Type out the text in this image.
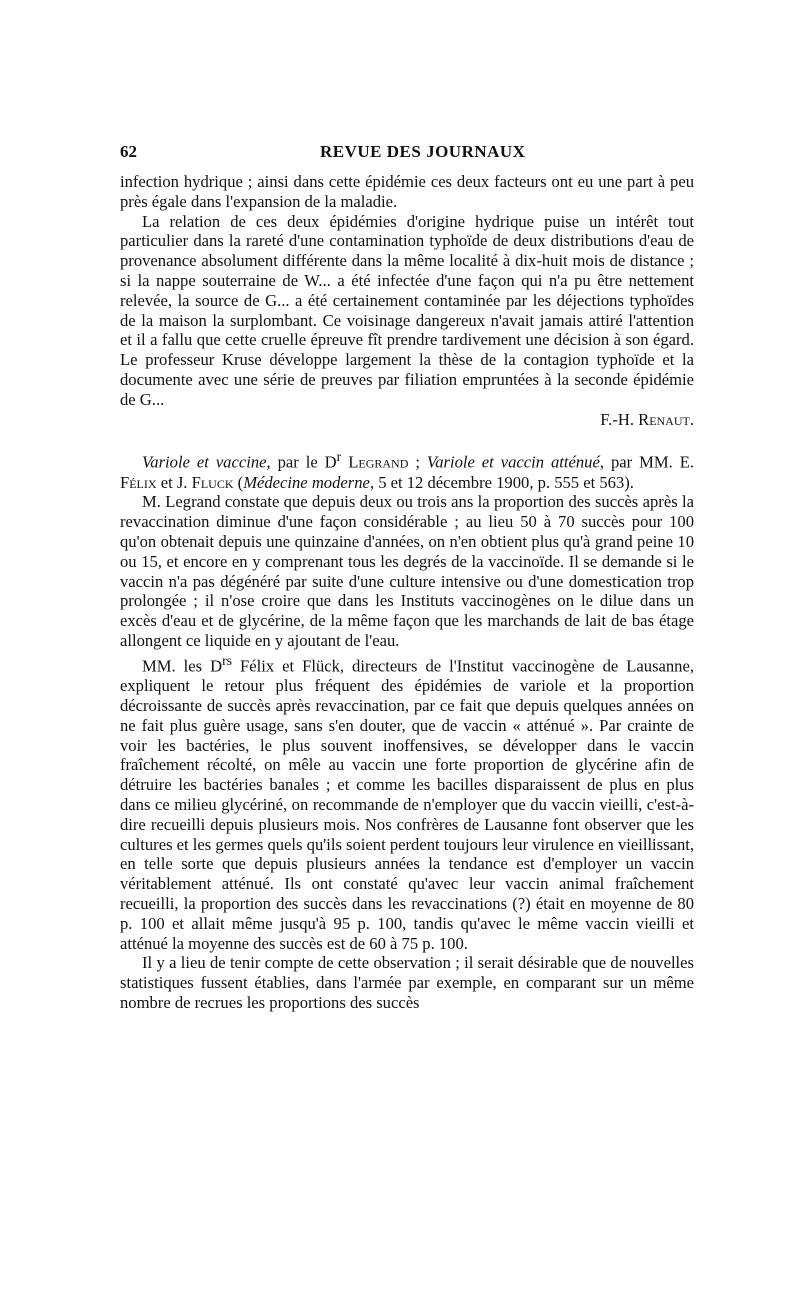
62	REVUE DES JOURNAUX

infection hydrique ; ainsi dans cette épidémie ces deux facteurs ont eu une part à peu près égale dans l'expansion de la maladie.

La relation de ces deux épidémies d'origine hydrique puise un intérêt tout particulier dans la rareté d'une contamination typhoïde de deux distributions d'eau de provenance absolument différente dans la même localité à dix-huit mois de distance ; si la nappe souterraine de W... a été infectée d'une façon qui n'a pu être nettement relevée, la source de G... a été certainement contaminée par les déjections typhoïdes de la maison la surplombant. Ce voisinage dangereux n'avait jamais attiré l'attention et il a fallu que cette cruelle épreuve fît prendre tardivement une décision à son égard. Le professeur Kruse développe largement la thèse de la contagion typhoïde et la documente avec une série de preuves par filiation empruntées à la seconde épidémie de G...

F.-H. Renaut.

Variole et vaccine, par le $D^r$ Legrand ; Variole et vaccin atténué, par MM. E. Félix et J. Fluck (Médecine moderne, 5 et 12 décembre 1900, p. 555 et 563).

M. Legrand constate que depuis deux ou trois ans la proportion des succès après la revaccination diminue d'une façon considérable ; au lieu 50 à 70 succès pour 100 qu'on obtenait depuis une quinzaine d'années, on n'en obtient plus qu'à grand peine 10 ou 15, et encore en y comprenant tous les degrés de la vaccinoïde. Il se demande si le vaccin n'a pas dégénéré par suite d'une culture intensive ou d'une domestication trop prolongée ; il n'ose croire que dans les Instituts vaccinogènes on le dilue dans un excès d'eau et de glycérine, de la même façon que les marchands de lait de bas étage allongent ce liquide en y ajoutant de l'eau.

MM. les $D^{rs}$ Félix et Flück, directeurs de l'Institut vaccinogène de Lausanne, expliquent le retour plus fréquent des épidémies de variole et la proportion décroissante de succès après revaccination, par ce fait que depuis quelques années on ne fait plus guère usage, sans s'en douter, que de vaccin « atténué ». Par crainte de voir les bactéries, le plus souvent inoffensives, se développer dans le vaccin fraîchement récolté, on mêle au vaccin une forte proportion de glycérine afin de détruire les bactéries banales ; et comme les bacilles disparaissent de plus en plus dans ce milieu glycériné, on recommande de n'employer que du vaccin vieilli, c'est-à-dire recueilli depuis plusieurs mois. Nos confrères de Lausanne font observer que les cultures et les germes quels qu'ils soient perdent toujours leur virulence en vieillissant, en telle sorte que depuis plusieurs années la tendance est d'employer un vaccin véritablement atténué. Ils ont constaté qu'avec leur vaccin animal fraîchement recueilli, la proportion des succès dans les revaccinations (?) était en moyenne de 80 p. 100 et allait même jusqu'à 95 p. 100, tandis qu'avec le même vaccin vieilli et atténué la moyenne des succès est de 60 à 75 p. 100.

Il y a lieu de tenir compte de cette observation ; il serait désirable que de nouvelles statistiques fussent établies, dans l'armée par exemple, en comparant sur un même nombre de recrues les proportions des succès
